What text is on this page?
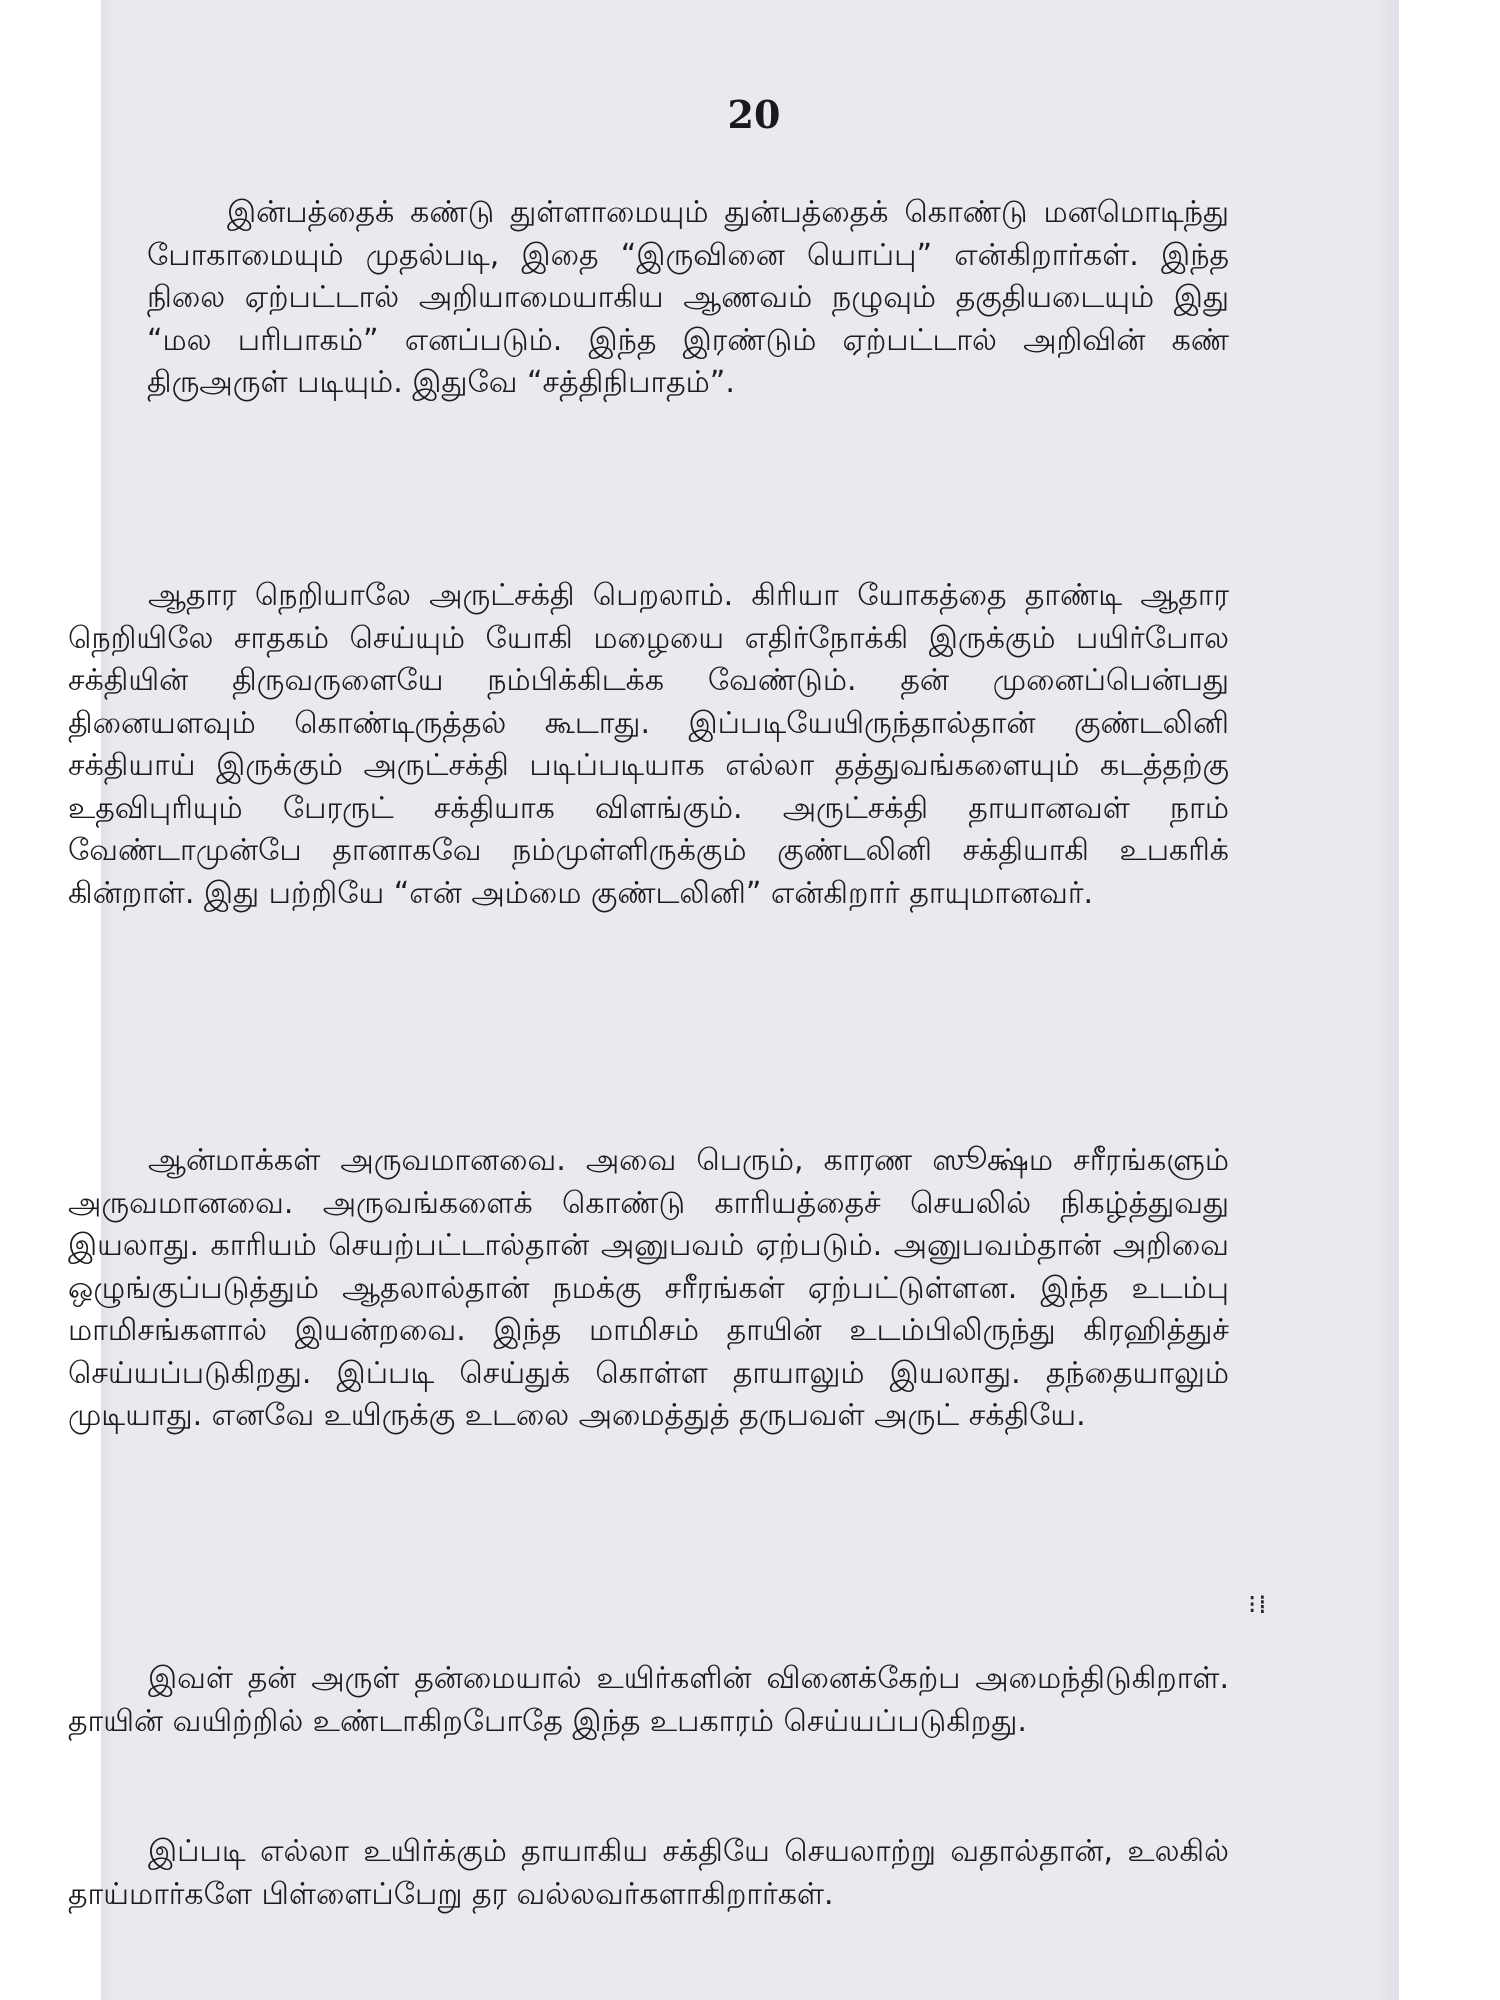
20

இன்பத்தைக் கண்டு துள்ளாமையும் துன்பத்தைக் கொண்டு மனமொடிந்து போகாமையும் முதல்படி, இதை “இருவினை யொப்பு” என்கிறார்கள். இந்த நிலை ஏற்பட்டால் அறியாமையாகிய ஆணவம் நழுவும் தகுதியடையும் இது “மல பரிபாகம்” எனப்படும். இந்த இரண்டும் ஏற்பட்டால் அறிவின் கண் திருஅருள் படியும். இதுவே “சத்திநிபாதம்”.

ஆதார நெறியாலே அருட்சக்தி பெறலாம். கிரியா யோகத்தை தாண்டி ஆதார நெறியிலே சாதகம் செய்யும் யோகி மழையை எதிர்நோக்கி இருக்கும் பயிர்போல சக்தியின் திருவருளையே நம்பிக்கிடக்க வேண்டும். தன் முனைப்பென்பது தினையளவும் கொண்டிருத்தல் கூடாது. இப்படியேயிருந்தால்தான் குண்டலினி சக்தியாய் இருக்கும் அருட்சக்தி படிப்படியாக எல்லா தத்துவங்களையும் கடத்தற்கு உதவிபுரியும் பேரருட் சக்தியாக விளங்கும். அருட்சக்தி தாயானவள் நாம் வேண்டாமுன்பே தானாகவே நம்முள்ளிருக்கும் குண்டலினி சக்தியாகி உபகரிக் கின்றாள். இது பற்றியே “என் அம்மை குண்டலினி” என்கிறார் தாயுமானவர்.

ஆன்மாக்கள் அருவமானவை. அவை பெரும், காரண ஸூக்ஷ்ம சரீரங்களும் அருவமானவை. அருவங்களைக் கொண்டு காரியத்தைச் செயலில் நிகழ்த்துவது இயலாது. காரியம் செயற்பட்டால்தான் அனுபவம் ஏற்படும். அனுபவம்தான் அறிவை ஒழுங்குப்படுத்தும் ஆதலால்தான் நமக்கு சரீரங்கள் ஏற்பட்டுள்ளன. இந்த உடம்பு மாமிசங்களால் இயன்றவை. இந்த மாமிசம் தாயின் உடம்பிலிருந்து கிரஹித்துச் செய்யப்படுகிறது. இப்படி செய்துக் கொள்ள தாயாலும் இயலாது. தந்தையாலும் முடியாது. எனவே உயிருக்கு உடலை அமைத்துத் தருபவள் அருட் சக்தியே.

இவள் தன் அருள் தன்மையால் உயிர்களின் வினைக்கேற்ப அமைந்திடுகிறாள். தாயின் வயிற்றில் உண்டாகிறபோதே இந்த உபகாரம் செய்யப்படுகிறது.

இப்படி எல்லா உயிர்க்கும் தாயாகிய சக்தியே செயலாற்று வதால்தான், உலகில் தாய்மார்களே பிள்ளைப்பேறு தர வல்லவர்களாகிறார்கள்.

⁝⁞
